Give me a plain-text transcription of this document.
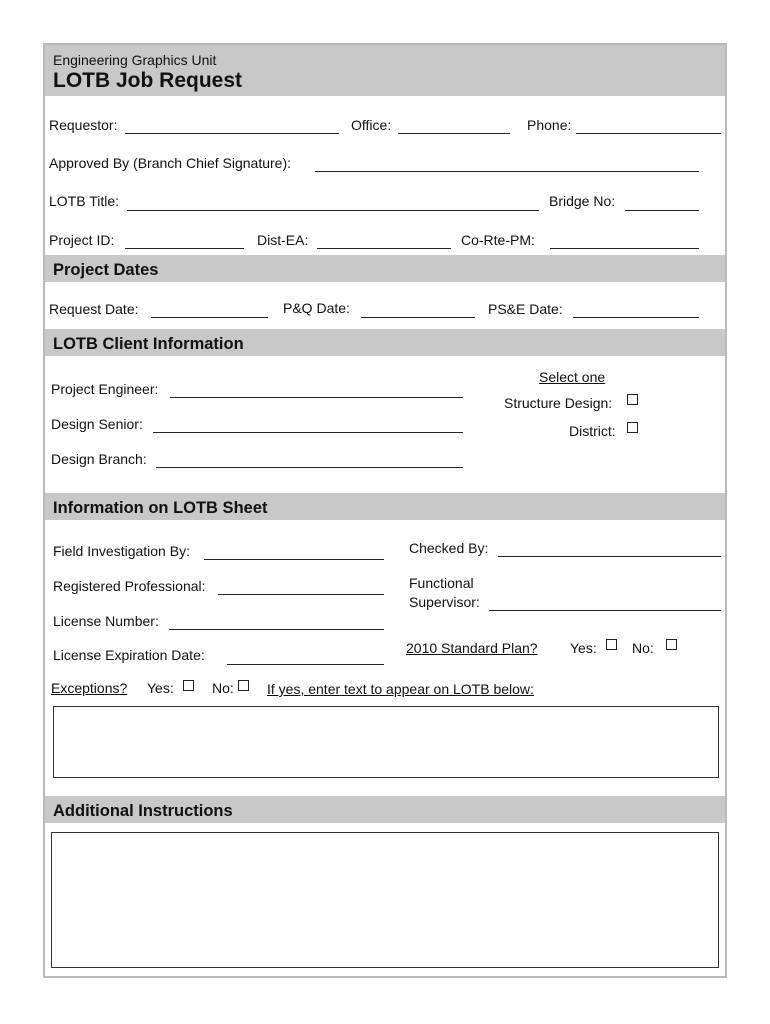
Engineering Graphics Unit
LOTB Job Request
Requestor:	Office:	Phone:
Approved By (Branch Chief Signature):
LOTB Title:	Bridge No:
Project ID:	Dist-EA:	Co-Rte-PM:
Project Dates
Request Date:	P&Q Date:	PS&E Date:
LOTB Client Information
Project Engineer:
Design Senior:
Design Branch:
Select one
Structure Design:
District:
Information on LOTB Sheet
Field Investigation By:	Checked By:
Registered Professional:	Functional
Supervisor:
License Number:
License Expiration Date:	2010 Standard Plan? Yes:	No:
Exceptions? Yes:	No: If yes, enter text to appear on LOTB below:
Additional Instructions
